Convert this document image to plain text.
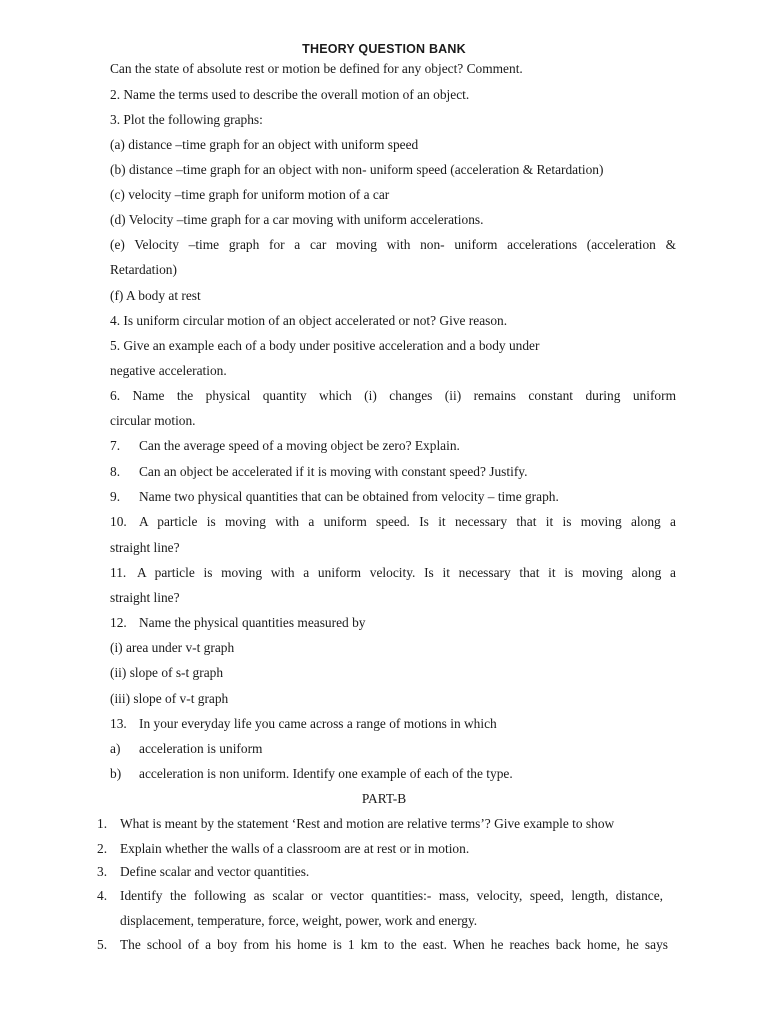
THEORY QUESTION BANK
Can the state of absolute rest or motion be defined for any object? Comment.
2. Name the terms used to describe the overall motion of an object.
3. Plot the following graphs:
(a) distance –time graph for an object with uniform speed
(b) distance –time graph for an object with non- uniform speed (acceleration & Retardation)
(c) velocity –time graph for uniform motion of a car
(d) Velocity –time graph for a car moving with uniform accelerations.
(e) Velocity –time graph for a car moving with non- uniform accelerations (acceleration &
Retardation)
(f) A body at rest
4. Is uniform circular motion of an object accelerated or not? Give reason.
5. Give an example each of a body under positive acceleration and a body under
negative acceleration.
6. Name the physical quantity which (i) changes (ii) remains constant during uniform
circular motion.
7. Can the average speed of a moving object be zero? Explain.
8. Can an object be accelerated if it is moving with constant speed? Justify.
9. Name two physical quantities that can be obtained from velocity – time graph.
10. A particle is moving with a uniform speed. Is it necessary that it is moving along a
straight line?
11. A particle is moving with a uniform velocity. Is it necessary that it is moving along a
straight line?
12. Name the physical quantities measured by
(i) area under v-t graph
(ii) slope of s-t graph
(iii) slope of v-t graph
13. In your everyday life you came across a range of motions in which
a) acceleration is uniform
b) acceleration is non uniform. Identify one example of each of the type.
PART-B
1. What is meant by the statement ‘Rest and motion are relative terms’? Give example to show
2. Explain whether the walls of a classroom are at rest or in motion.
3. Define scalar and vector quantities.
4. Identify the following as scalar or vector quantities:- mass, velocity, speed, length, distance,
displacement, temperature, force, weight, power, work and energy.
5. The school of a boy from his home is 1 km to the east. When he reaches back home, he says
